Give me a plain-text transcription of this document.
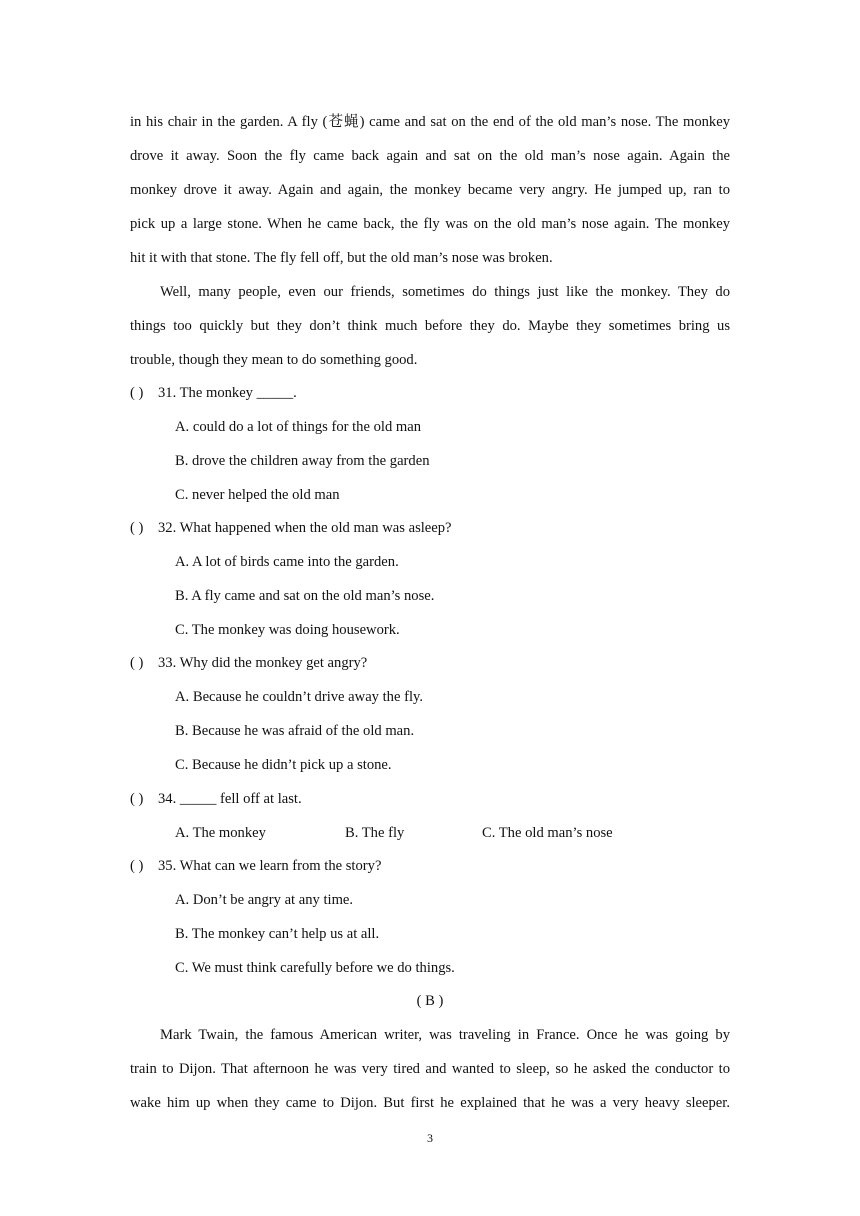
in his chair in the garden. A fly (苍蝇) came and sat on the end of the old man’s nose. The monkey
drove it away. Soon the fly came back again and sat on the old man’s nose again. Again the
monkey drove it away. Again and again, the monkey became very angry. He jumped up, ran to
pick up a large stone. When he came back, the fly was on the old man’s nose again. The monkey
hit it with that stone. The fly fell off, but the old man’s nose was broken.
Well, many people, even our friends, sometimes do things just like the monkey. They do
things too quickly but they don’t think much before they do. Maybe they sometimes bring us
trouble, though they mean to do something good.
( ) 31. The monkey _____.
A. could do a lot of things for the old man
B. drove the children away from the garden
C. never helped the old man
( ) 32. What happened when the old man was asleep?
A. A lot of birds came into the garden.
B. A fly came and sat on the old man’s nose.
C. The monkey was doing housework.
( ) 33. Why did the monkey get angry?
A. Because he couldn’t drive away the fly.
B. Because he was afraid of the old man.
C. Because he didn’t pick up a stone.
( ) 34. _____ fell off at last.
A. The monkey	B. The fly	C. The old man’s nose
( ) 35. What can we learn from the story?
A. Don’t be angry at any time.
B. The monkey can’t help us at all.
C. We must think carefully before we do things.
( B )
Mark Twain, the famous American writer, was traveling in France. Once he was going by
train to Dijon. That afternoon he was very tired and wanted to sleep, so he asked the conductor to
wake him up when they came to Dijon. But first he explained that he was a very heavy sleeper.
3
